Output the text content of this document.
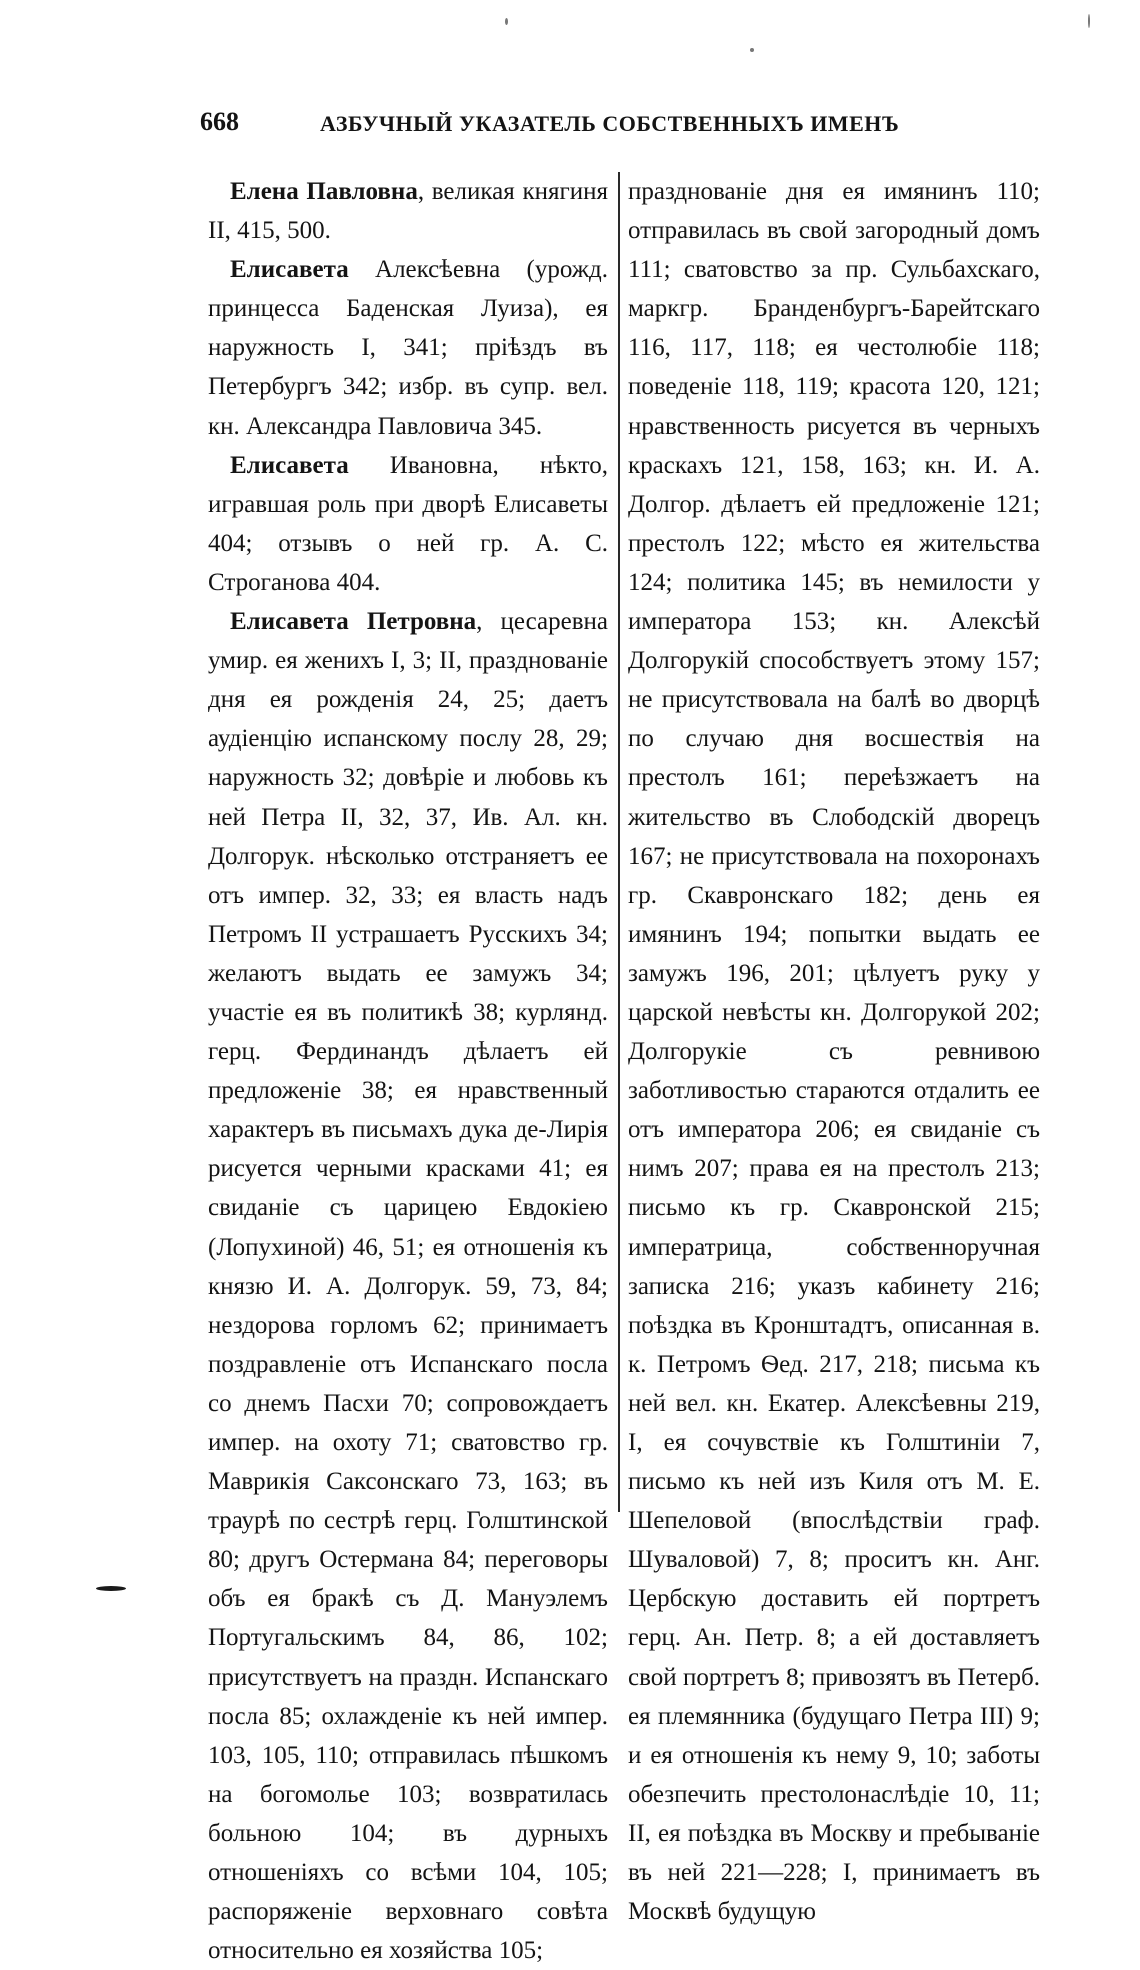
668	АЗБУЧНЫЙ УКАЗАТЕЛЬ СОБСТВЕННЫХЪ ИМЕНЪ

Елена Павловна, великая княгиня II, 415, 500.

Елисавета Алексѣевна (урожд. принцесса Баденская Луиза), ея наружность I, 341; прiѣздъ въ Петербургъ 342; избр. въ супр. вел. кн. Александра Павловича 345.

Елисавета Ивановна, нѣкто, игравшая роль при дворѣ Елисаветы 404; отзывъ о ней гр. А. С. Строганова 404.

Елисавета Петровна, цесаревна умир. ея женихъ I, 3; II, празднованiе дня ея рожденiя 24, 25; даетъ аудiенцiю испанскому послу 28, 29; наружность 32; довѣрiе и любовь къ ней Петра II, 32, 37, Ив. Ал. кн. Долгорук. нѣсколько отстраняетъ ее отъ импер. 32, 33; ея власть надъ Петромъ II устрашаетъ Русскихъ 34; желаютъ выдать ее замужъ 34; участiе ея въ политикѣ 38; курлянд. герц. Фердинандъ дѣлаетъ ей предложенiе 38; ея нравственный характеръ въ письмахъ дука де-Лирiя рисуется черными красками 41; ея свиданiе съ царицею Евдокiею (Лопухиной) 46, 51; ея отношенiя къ князю И. А. Долгорук. 59, 73, 84; нездорова горломъ 62; принимаетъ поздравленiе отъ Испанскаго посла со днемъ Пасхи 70; сопровождаетъ импер. на охоту 71; сватовство гр. Маврикiя Саксонскаго 73, 163; въ траурѣ по сестрѣ герц. Голштинской 80; другъ Остермана 84; переговоры объ ея бракѣ съ Д. Мануэлемъ Португальскимъ 84, 86, 102; присутствуетъ на праздн. Испанскаго посла 85; охлажденiе къ ней импер. 103, 105, 110; отправилась пѣшкомъ на богомолье 103; возвратилась больною 104; въ дурныхъ отношенiяхъ со всѣми 104, 105; распоряженiе верховнаго совѣта относительно ея хозяйства 105;

празднованiе дня ея имянинъ 110; отправилась въ свой загородный домъ 111; сватовство за пр. Сульбахскаго, маркгр. Бранденбургъ-Барейтскаго 116, 117, 118; ея честолюбiе 118; поведенiе 118, 119; красота 120, 121; нравственность рисуется въ черныхъ краскахъ 121, 158, 163; кн. И. А. Долгор. дѣлаетъ ей предложенiе 121; престолъ 122; мѣсто ея жительства 124; политика 145; въ немилости у императора 153; кн. Алексѣй Долгорукiй способствуетъ этому 157; не присутствовала на балѣ во дворцѣ по случаю дня восшествiя на престолъ 161; переѣзжаетъ на жительство въ Слободскiй дворецъ 167; не присутствовала на похоронахъ гр. Скавронскаго 182; день ея имянинъ 194; попытки выдать ее замужъ 196, 201; цѣлуетъ руку у царской невѣсты кн. Долгорукой 202; Долгорукiе съ ревнивою заботливостью стараются отдалить ее отъ императора 206; ея свиданiе съ нимъ 207; права ея на престолъ 213; письмо къ гр. Скавронской 215; императрица, собственноручная записка 216; указъ кабинету 216; поѣздка въ Кронштадтъ, описанная в. к. Петромъ Ѳед. 217, 218; письма къ ней вел. кн. Екатер. Алексѣевны 219, I, ея сочувствiе къ Голштинiи 7, письмо къ ней изъ Киля отъ М. Е. Шепеловой (впослѣдствiи граф. Шуваловой) 7, 8; проситъ кн. Анг. Цербскую доставить ей портретъ герц. Ан. Петр. 8; а ей доставляетъ свой портретъ 8; привозятъ въ Петерб. ея племянника (будущаго Петра III) 9; и ея отношенiя къ нему 9, 10; заботы обезпечить престолонаслѣдiе 10, 11; II, ея поѣздка въ Москву и пребыванiе въ ней 221—228; I, принимаетъ въ Москвѣ будущую
